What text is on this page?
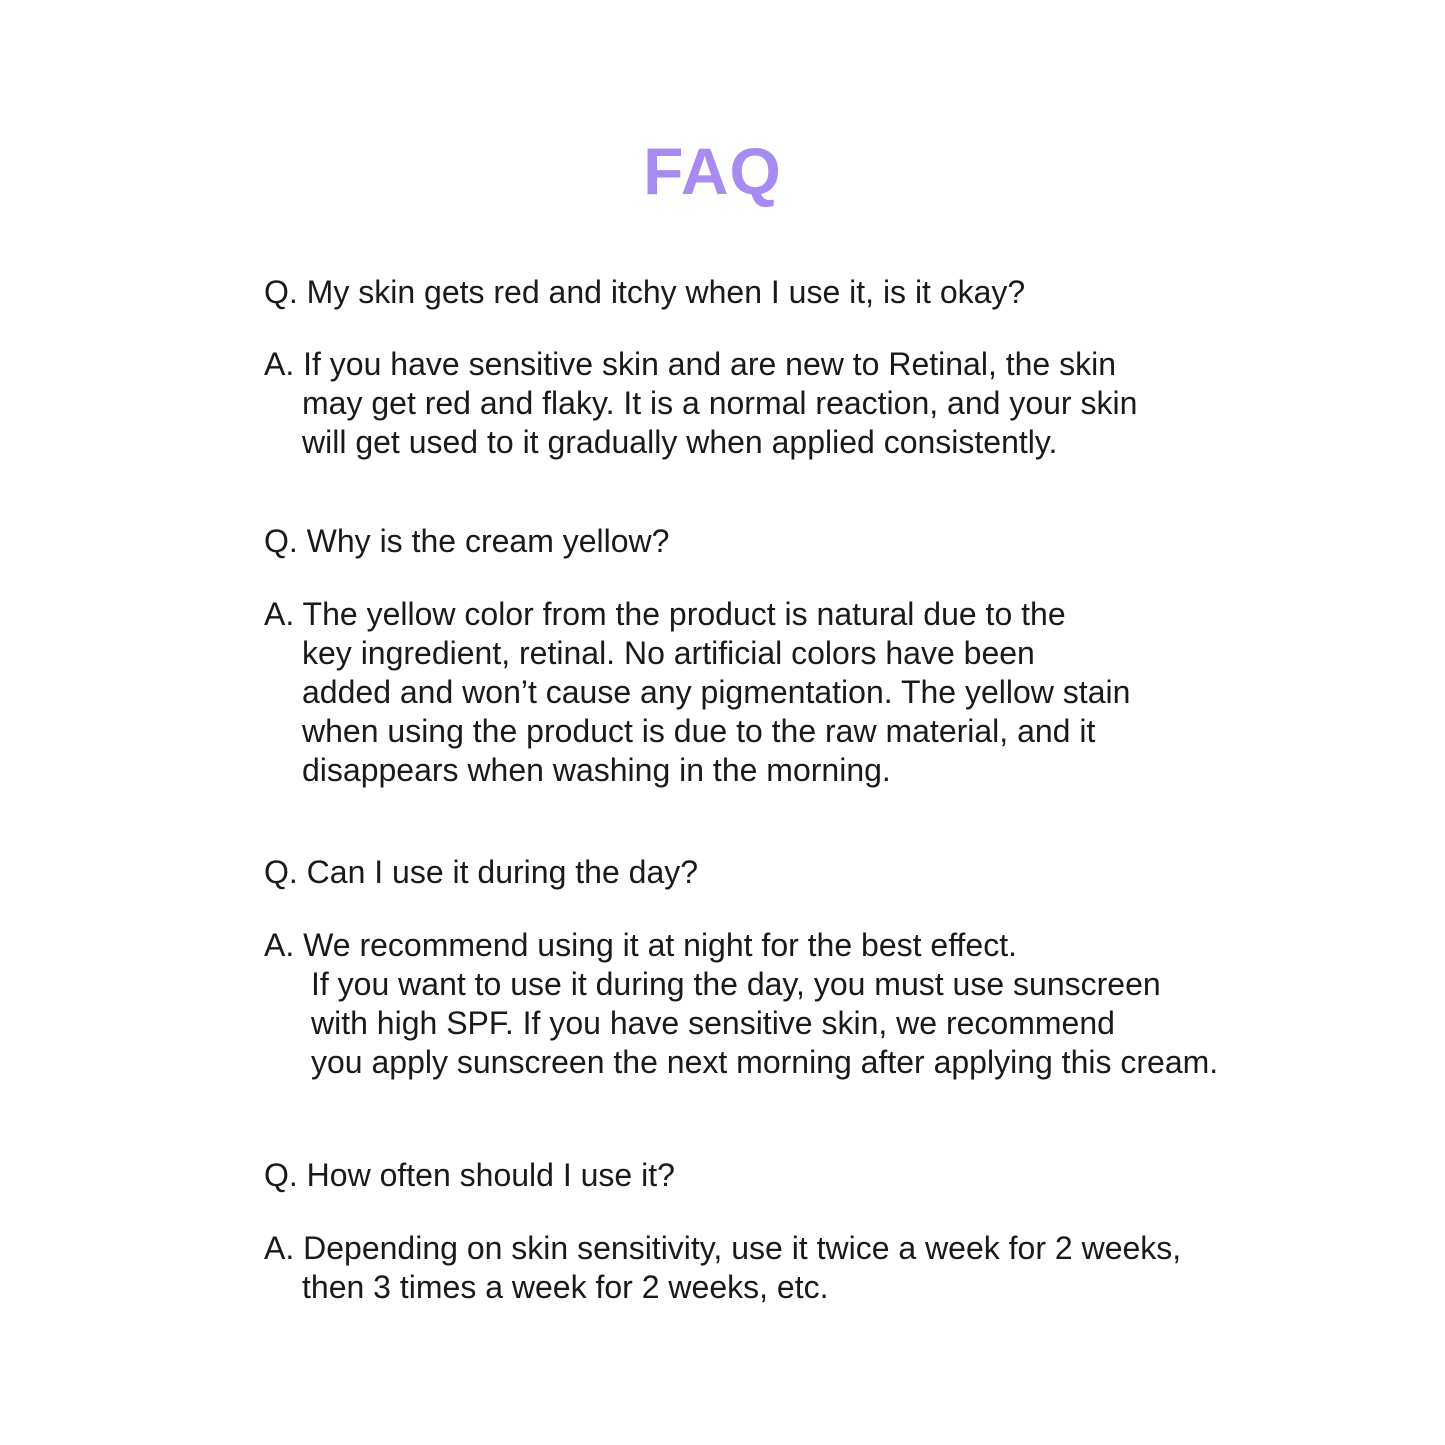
FAQ
Q. My skin gets red and itchy when I use it, is it okay?
A. If you have sensitive skin and are new to Retinal, the skin
may get red and flaky. It is a normal reaction, and your skin
will get used to it gradually when applied consistently.
Q. Why is the cream yellow?
A. The yellow color from the product is natural due to the
key ingredient, retinal. No artificial colors have been
added and won’t cause any pigmentation. The yellow stain
when using the product is due to the raw material, and it
disappears when washing in the morning.
Q. Can I use it during the day?
A. We recommend using it at night for the best effect.
If you want to use it during the day, you must use sunscreen
with high SPF. If you have sensitive skin, we recommend
you apply sunscreen the next morning after applying this cream.
Q. How often should I use it?
A. Depending on skin sensitivity, use it twice a week for 2 weeks,
then 3 times a week for 2 weeks, etc.
